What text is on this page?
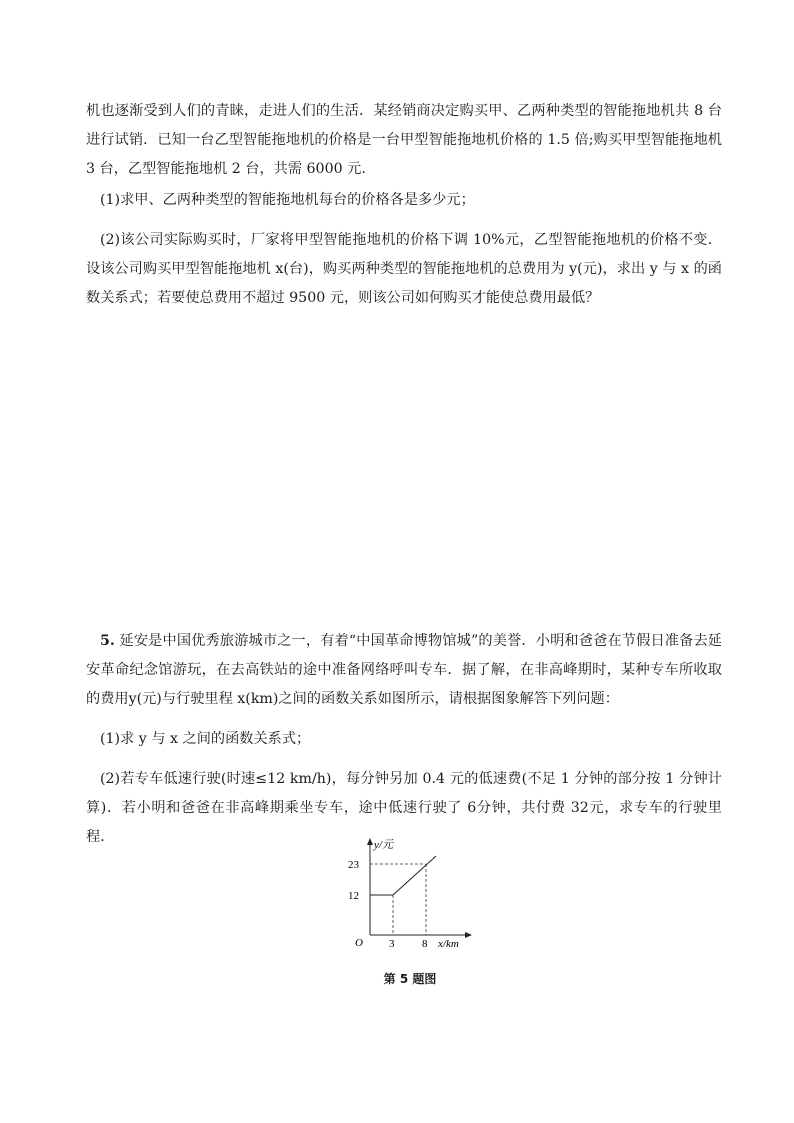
机也逐渐受到人们的青睐，走进人们的生活．某经销商决定购买甲、乙两种类型的智能拖地机共 8 台进行试销．已知一台乙型智能拖地机的价格是一台甲型智能拖地机价格的 1.5 倍;购买甲型智能拖地机 3 台，乙型智能拖地机 2 台，共需 6000 元.

(1)求甲、乙两种类型的智能拖地机每台的价格各是多少元；

(2)该公司实际购买时，厂家将甲型智能拖地机的价格下调 10%元，乙型智能拖地机的价格不变．设该公司购买甲型智能拖地机 x(台)，购买两种类型的智能拖地机的总费用为 y(元)，求出 y 与 x 的函数关系式；若要使总费用不超过 9500 元，则该公司如何购买才能使总费用最低？

5. 延安是中国优秀旅游城市之一，有着“中国革命博物馆城”的美誉．小明和爸爸在节假日准备去延安革命纪念馆游玩，在去高铁站的途中准备网络呼叫专车．据了解，在非高峰期时，某种专车所收取的费用y(元)与行驶里程 x(km)之间的函数关系如图所示，请根据图象解答下列问题：

(1)求 y 与 x 之间的函数关系式；

(2)若专车低速行驶(时速≤12 km/h)，每分钟另加 0.4 元的低速费(不足 1 分钟的部分按 1 分钟计算)．若小明和爸爸在非高峰期乘坐专车，途中低速行驶了 6分钟，共付费 32元，求专车的行驶里程．	y/元
23
12
O 3	8 x/km
第 5 题图
